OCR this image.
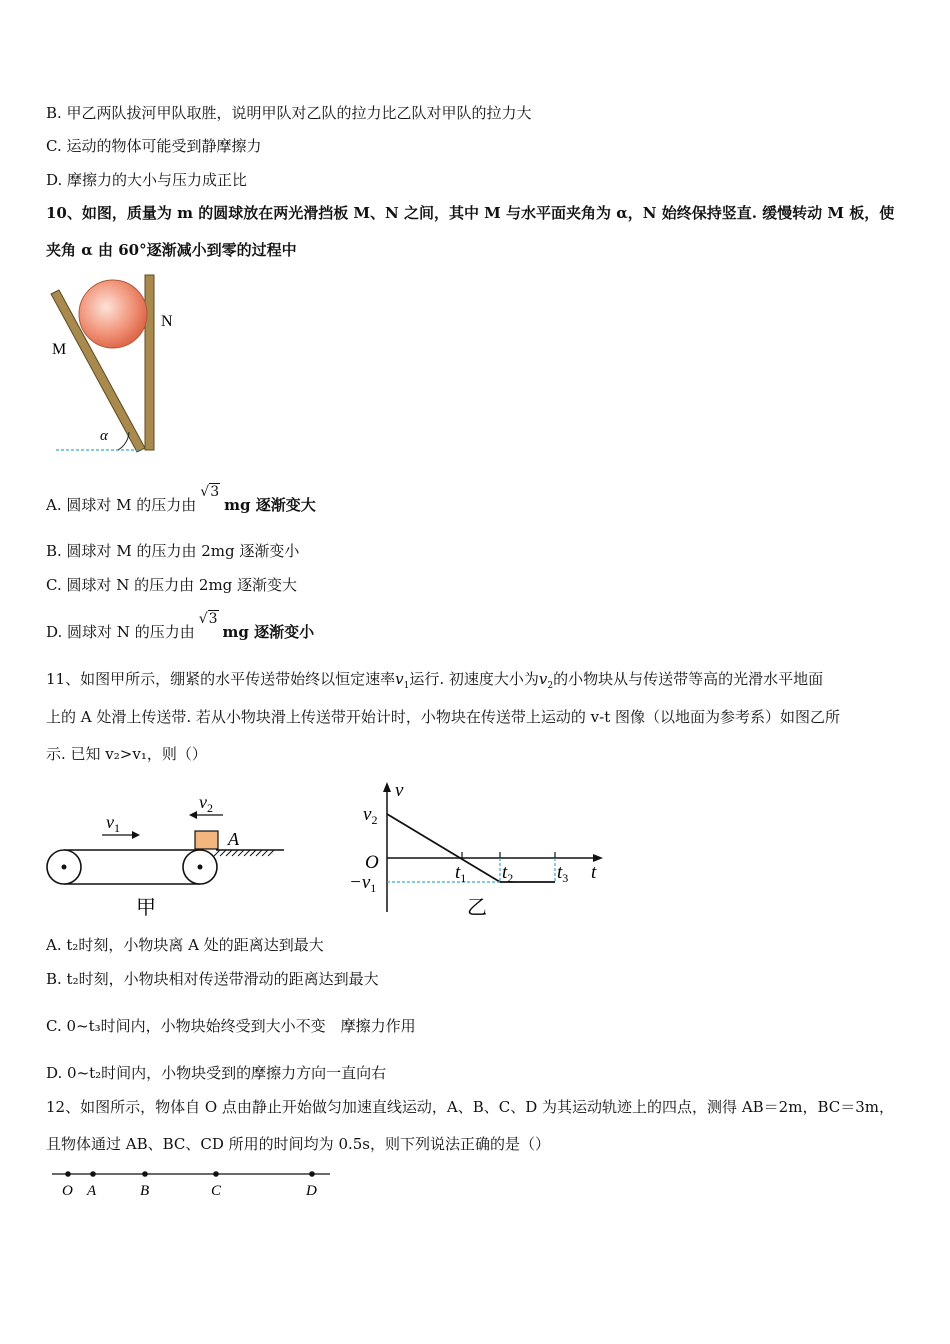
B. 甲乙两队拔河甲队取胜，说明甲队对乙队的拉力比乙队对甲队的拉力大
C. 运动的物体可能受到静摩擦力
D. 摩擦力的大小与压力成正比
10、如图，质量为 m 的圆球放在两光滑挡板 M、N 之间，其中 M 与水平面夹角为 α，N 始终保持竖直. 缓慢转动 M 板，使
夹角 α 由 60°逐渐减小到零的过程中
M
N
α
A. 圆球对 M 的压力由√3mg 逐渐变大
B. 圆球对 M 的压力由 2mg 逐渐变小
C. 圆球对 N 的压力由 2mg 逐渐变大
D. 圆球对 N 的压力由√3mg 逐渐变小
11、如图甲所示，绷紧的水平传送带始终以恒定速率$v_1$运行. 初速度大小为$v_2$的小物块从与传送带等高的光滑水平地面
上的 A 处滑上传送带. 若从小物块滑上传送带开始计时，小物块在传送带上运动的 v-t 图像（以地面为参考系）如图乙所
示. 已知 v₂>v₁，则（）
$v_1$
$v_2$
A
甲
v
t
O
$v_2$
$-v_1$
$t_1$ $t_2$ $t_3$
乙
A. t₂时刻，小物块离 A 处的距离达到最大
B. t₂时刻，小物块相对传送带滑动的距离达到最大
C. 0~t₃时间内，小物块始终受到大小不变　摩擦力作用
D. 0~t₂时间内，小物块受到的摩擦力方向一直向右
12、如图所示，物体自 O 点由静止开始做匀加速直线运动，A、B、C、D 为其运动轨迹上的四点，测得 AB＝2m，BC＝3m，
且物体通过 AB、BC、CD 所用的时间均为 0.5s，则下列说法正确的是（）
O A	B	C	D
